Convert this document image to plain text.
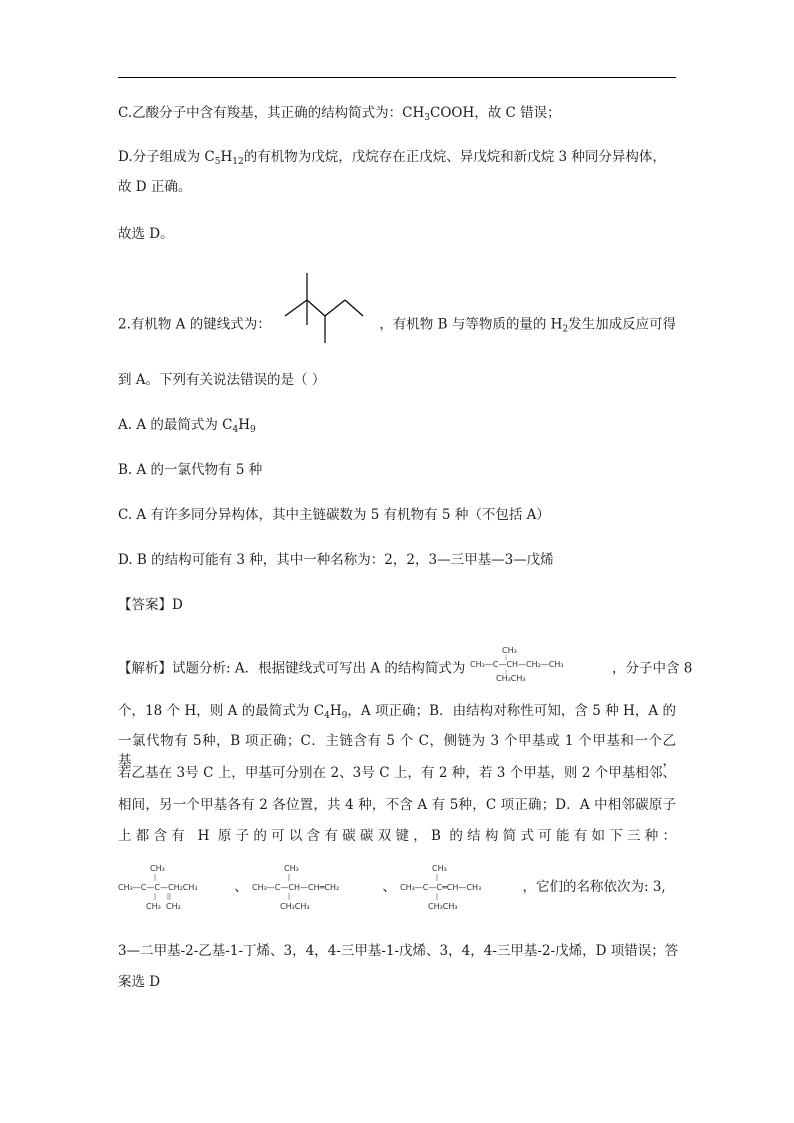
C.乙酸分子中含有羧基，其正确的结构简式为：$CH_3COOH$，故 C 错误；
D.分子组成为 $C_5H_{12}$的有机物为戊烷，戊烷存在正戊烷、异戊烷和新戊烷 3 种同分异构体，
故 D 正确。
故选 D。
2.有机物 A 的键线式为：	，有机物 B 与等物质的量的 $H_2$发生加成反应可得
到 A。下列有关说法错误的是（ ）
A. A 的最简式为 $C_4H_9$
B. A 的一氯代物有 5 种
C. A 有许多同分异构体，其中主链碳数为 5 有机物有 5 种（不包括 A）
D. B 的结构可能有 3 种，其中一种名称为：2，2，3—三甲基—3—戊烯
【答案】D
【解析】试题分析: A．根据键线式可写出 A 的结构简式为
CH₃
CH₃—C—CH—CH₂—CH₃
CH₃CH₃
，分子中含 8
个，18 个 H，则 A 的最简式为 $C_4H_9$，A 项正确；B．由结构对称性可知，含 5 种 H，A 的
一氯代物有 5种，B 项正确；C．主链含有 5 个 C，侧链为 3 个甲基或 1 个甲基和一个乙基，
若乙基在 3号 C 上，甲基可分别在 2、3号 C 上，有 2 种，若 3 个甲基，则 2 个甲基相邻、
相间，另一个甲基各有 2 各位置，共 4 种，不含 A 有 5种，C 项正确；D．A 中相邻碳原子
上都含有 H 原子的可以含有碳碳双键，B 的结构简式可能有如下三种：
CH₃
CH₃—C—C—CH₂CH₃
CH₃ CH₂
、
CH₃
CH₃—C—CH—CH═CH₂
CH₃CH₃
、
CH₃
CH₃—C—C═CH—CH₃
CH₃CH₃
，它们的名称依次为: 3,
3—二甲基-2-乙基-1-丁烯、3，4，4-三甲基-1-戊烯、3，4，4-三甲基-2-戊烯，D 项错误；答
案选 D
